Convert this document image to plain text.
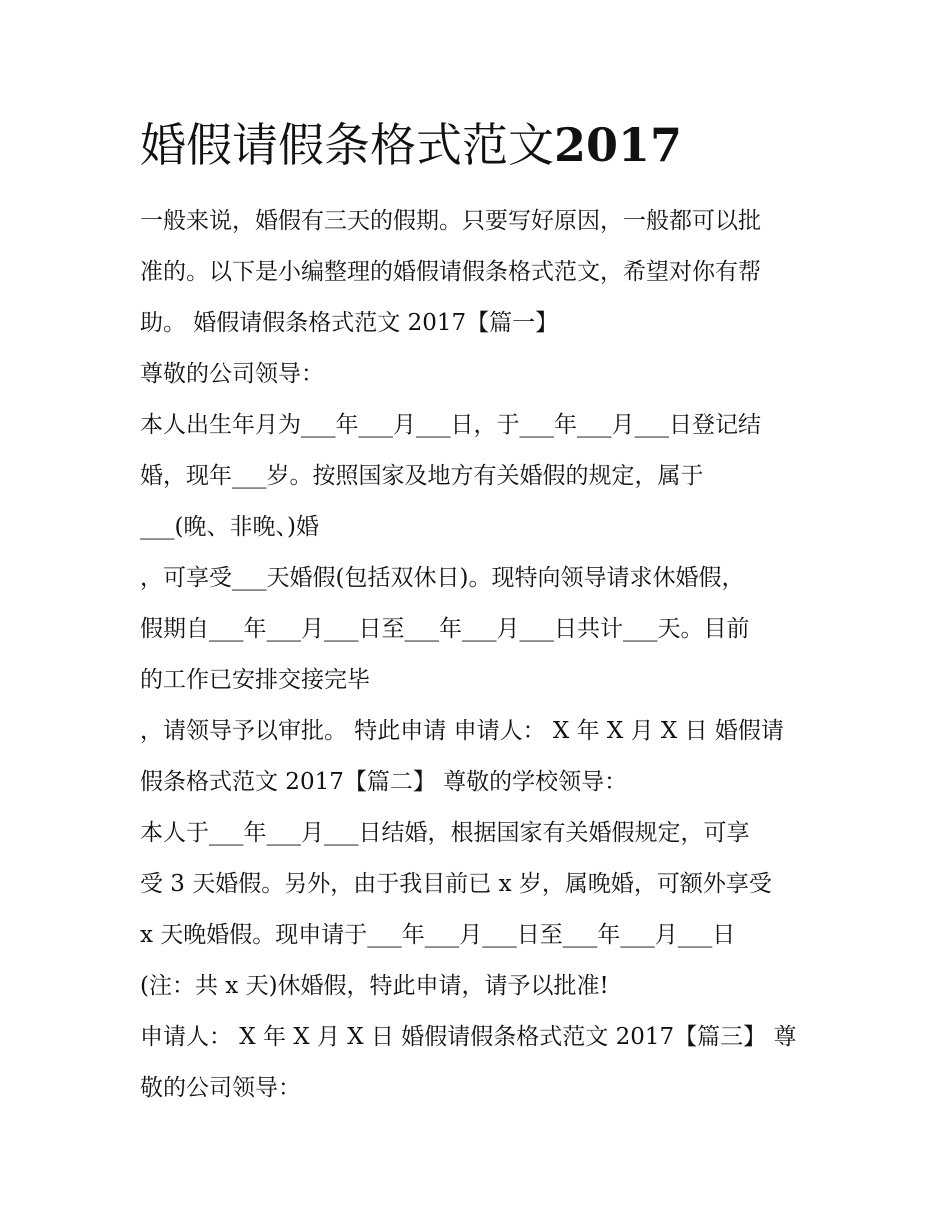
婚假请假条格式范文2017

一般来说，婚假有三天的假期。只要写好原因，一般都可以批

准的。以下是小编整理的婚假请假条格式范文，希望对你有帮

助。 婚假请假条格式范文 2017【篇一】

尊敬的公司领导：

本人出生年月为___年___月___日，于___年___月___日登记结

婚，现年___岁。按照国家及地方有关婚假的规定，属于

___(晚、非晚、)婚

，可享受___天婚假(包括双休日)。现特向领导请求休婚假，

假期自___年___月___日至___年___月___日共计___天。目前

的工作已安排交接完毕

，请领导予以审批。 特此申请 申请人： X 年 X 月 X 日 婚假请

假条格式范文 2017【篇二】 尊敬的学校领导：

本人于___年___月___日结婚，根据国家有关婚假规定，可享

受 3 天婚假。另外，由于我目前已 x 岁，属晚婚，可额外享受

x 天晚婚假。现申请于___年___月___日至___年___月___日

(注：共 x 天)休婚假，特此申请，请予以批准!

申请人： X 年 X 月 X 日 婚假请假条格式范文 2017【篇三】 尊

敬的公司领导：
